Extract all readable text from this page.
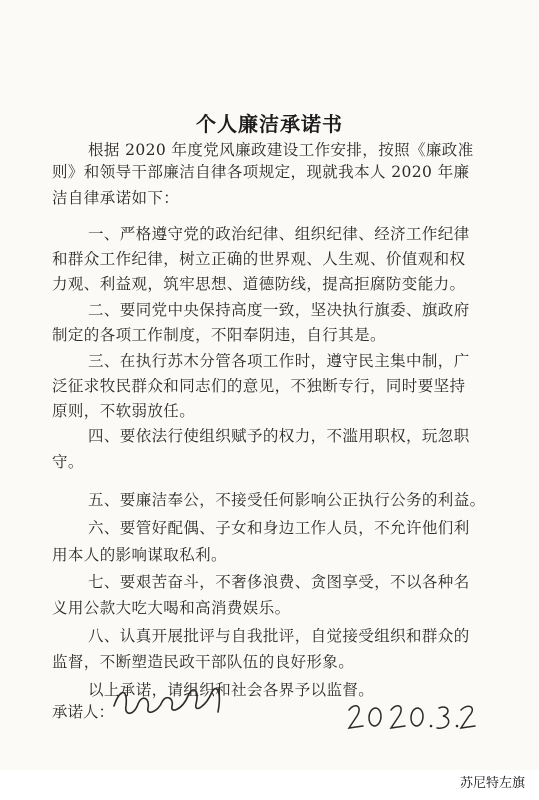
个人廉洁承诺书
根据 2020 年度党风廉政建设工作安排，按照《廉政准
则》和领导干部廉洁自律各项规定，现就我本人 2020 年廉
洁自律承诺如下：
一、严格遵守党的政治纪律、组织纪律、经济工作纪律
和群众工作纪律，树立正确的世界观、人生观、价值观和权
力观、利益观，筑牢思想、道德防线，提高拒腐防变能力。
二、要同党中央保持高度一致，坚决执行旗委、旗政府
制定的各项工作制度，不阳奉阴违，自行其是。
三、在执行苏木分管各项工作时，遵守民主集中制，广
泛征求牧民群众和同志们的意见，不独断专行，同时要坚持
原则，不软弱放任。
四、要依法行使组织赋予的权力，不滥用职权，玩忽职
守。
五、要廉洁奉公，不接受任何影响公正执行公务的利益。
六、要管好配偶、子女和身边工作人员，不允许他们利
用本人的影响谋取私利。
七、要艰苦奋斗，不奢侈浪费、贪图享受，不以各种名
义用公款大吃大喝和高消费娱乐。
八、认真开展批评与自我批评，自觉接受组织和群众的
监督，不断塑造民政干部队伍的良好形象。
以上承诺，请组织和社会各界予以监督。
承诺人：
苏尼特左旗
